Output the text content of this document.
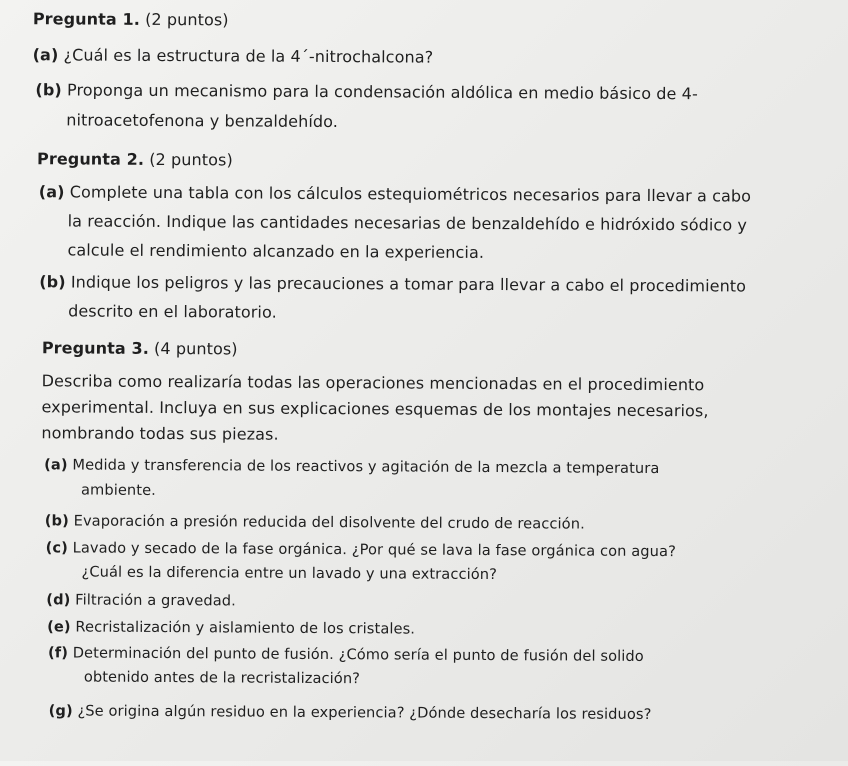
Pregunta 1. (2 puntos)
(a) ¿Cuál es la estructura de la 4´-nitrochalcona?
(b) Proponga un mecanismo para la condensación aldólica en medio básico de 4-
nitroacetofenona y benzaldehído.
Pregunta 2. (2 puntos)
(a) Complete una tabla con los cálculos estequiométricos necesarios para llevar a cabo
la reacción. Indique las cantidades necesarias de benzaldehído e hidróxido sódico y
calcule el rendimiento alcanzado en la experiencia.
(b) Indique los peligros y las precauciones a tomar para llevar a cabo el procedimiento
descrito en el laboratorio.
Pregunta 3. (4 puntos)
Describa como realizaría todas las operaciones mencionadas en el procedimiento
experimental. Incluya en sus explicaciones esquemas de los montajes necesarios,
nombrando todas sus piezas.
(a) Medida y transferencia de los reactivos y agitación de la mezcla a temperatura
ambiente.
(b) Evaporación a presión reducida del disolvente del crudo de reacción.
(c) Lavado y secado de la fase orgánica. ¿Por qué se lava la fase orgánica con agua?
¿Cuál es la diferencia entre un lavado y una extracción?
(d) Filtración a gravedad.
(e) Recristalización y aislamiento de los cristales.
(f) Determinación del punto de fusión. ¿Cómo sería el punto de fusión del solido
obtenido antes de la recristalización?
(g) ¿Se origina algún residuo en la experiencia? ¿Dónde desecharía los residuos?
